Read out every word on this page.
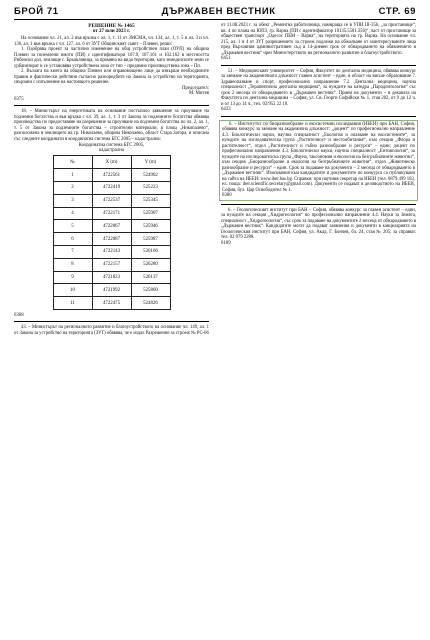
БРОЙ 71	ДЪРЖАВЕН ВЕСТНИК	СТР. 69

РЕШЕНИЕ № 1465

от 27 юли 2023 г.

На основание чл. 21, ал. 2 във връзка с ал. 1, т. 11 от ЗМСМА, чл. 134, ал. 1, т. 5 и ал. 3 и чл. 136, ал. 1 във връзка с чл. 127, ал. 6 от ЗУТ Общинският съвет – Плевен, реши:

1. Одобрява проект за частично изменение на общ устройствен план (ОУП) на община Плевен за поземлени имоти (ПИ) с идентификатори 107.9, 107.161 и 102.162 в местността Рибенски дол, землище с. Брышляница, за промяна на вида територия, като земеделските земи се урбанизират и се установява устройствена зона от тип – предимно производствена зона – Пп.

2. Възлага на кмета на община Плевен или оправомощено лице да извърши необходимите правни и фактически действия съгласно разпоредбите на Закона за устройство на територията, свързани с изпълнение на настоящото решение.

Председател:

М. Митев

6375

18. – Министърът на енергетиката на основание постъпило заявление за проучване на подземни богатства и във връзка с чл. 39, ал. 1, т. 3 от Закона за подземните богатства обявява производство по предоставяне на разрешение за проучване на подземни богатства по чл. 2, ал. 1, т. 5 от Закона за подземните богатства – строителни материали, в площ „Никопалево“, разположена в землището на гр. Николаево, община Николаево, област Стара Загора, и описана със следните координати в координатна система БГС 2005 – кадастрална:

Координатна система БГС 2005,
кадастрална

№	X (m)	Y (m)
1	4722561	524902
2	4722419	525223
3	4722537	525345
4	4722171	525907
5	4722067	525946
6	4722087	525987
7	4722143	526166
8	4722157	526280
9	4721823	526137
10	4721992	525860
11	4722475	524826

6368

43. – Министърът на регионалното развитие и благоустройството на основание чл. 149, ал. 1 от Закона за устройство на територията (ЗУТ) обявява, че е издал Разрешение за строеж № РС-66

от 11.08.2023 г. за обект „Ремонтна работилница, намираща се в УПИ III-356, „за пристанище“, кв. 4 по плана на ЮПЗ, гр. Варна (ПИ с идентификатор 10135.5501.356)“, част от пристанище за обществен транспорт „Одесос ПБМ – Варна“, на територията на гр. Варна. На основание чл. 215, ал. 1 и 4 от ЗУТ разрешението за строеж подлежи на обжалване от заинтересуваните лица пред Върховния административен съд в 14-дневен срок от обнародването на обявлението в „Държавен вестник“ чрез Министерството на регионалното развитие и благоустройството.

6451

51. – Медицинският университет – София, Факултет по дентална медицина, обявява конкурс за заемане на академичната длъжност главен асистент – един, в област на висше образование 7. Здравеопазване и спорт, професионално направление 7.2. Дентална медицина, научна специалност „Терапевтична дентална медицина“, за нуждите на катедра „Пародонтология“ със срок 2 месеца от обнародването в „Държавен вестник“. Прием на документи – в деканата на Факултета по дентална медицина – София, ул. Св. Георги Софийски № 1, стая 202, от 9 до 12 ч. и от 13 до 14 ч., тел. 02/952 22 10.

6433

6. – Институтът по биоразнообразие и екосистемни изследвания (ИБЕИ) при БАН, София, обявява конкурс за заемане на академична длъжност: „доцент“ по професионално направление 4.3. Биологически науки, научна специалност „Екология и опазване на екосистемите“, за нуждите на изследователска група „Растителност и местообитания“, към секция „Флора и растителност“, отдел „Растителност и гъбно разнообразие и ресурси“ – един; доцент по професионално направление 4.3. Биологически науки, научна специалност „Ентомология“, за нуждите на изследователска група „Фауна, таксономия и екология на безгръбначните животни“, към секция „Биоразнообразие и екология на безгръбначните животни“, отдел „Животинско разнообразие и ресурси“ – един. Срок за подаване на документи – 2 месеца от обнародването в „Държавен вестник“. Изисквания към кандидатите и документите по конкурса са публикувани на сайта на ИБЕИ: www.iber.bas.bg. Справки: при научния секретар на ИБЕИ (тел. 0879 499 183, ел. поща: iber.scientific.secretary@gmail.com). Документи се подават в деловодството на ИБЕИ, София, бул. Цар Освободител № 1.

6380

6. – Геологическият институт при БАН – София, обявява конкурс за главен асистент – един, за нуждите на секция „Хидрогеология“ по професионално направление 4.4. Науки за Земята, специалност „Хидрогеология“, със срок за подаване на документите 2 месеца от обнародването в „Държавен вестник“. Кандидатите могат да подават заявления и документи в канцеларията на Геологическия институт при БАН, София, ул. Акад. Г. Бончев, бл. 24, стая № 205; за справки: тел. 02 979 2288.

6189
